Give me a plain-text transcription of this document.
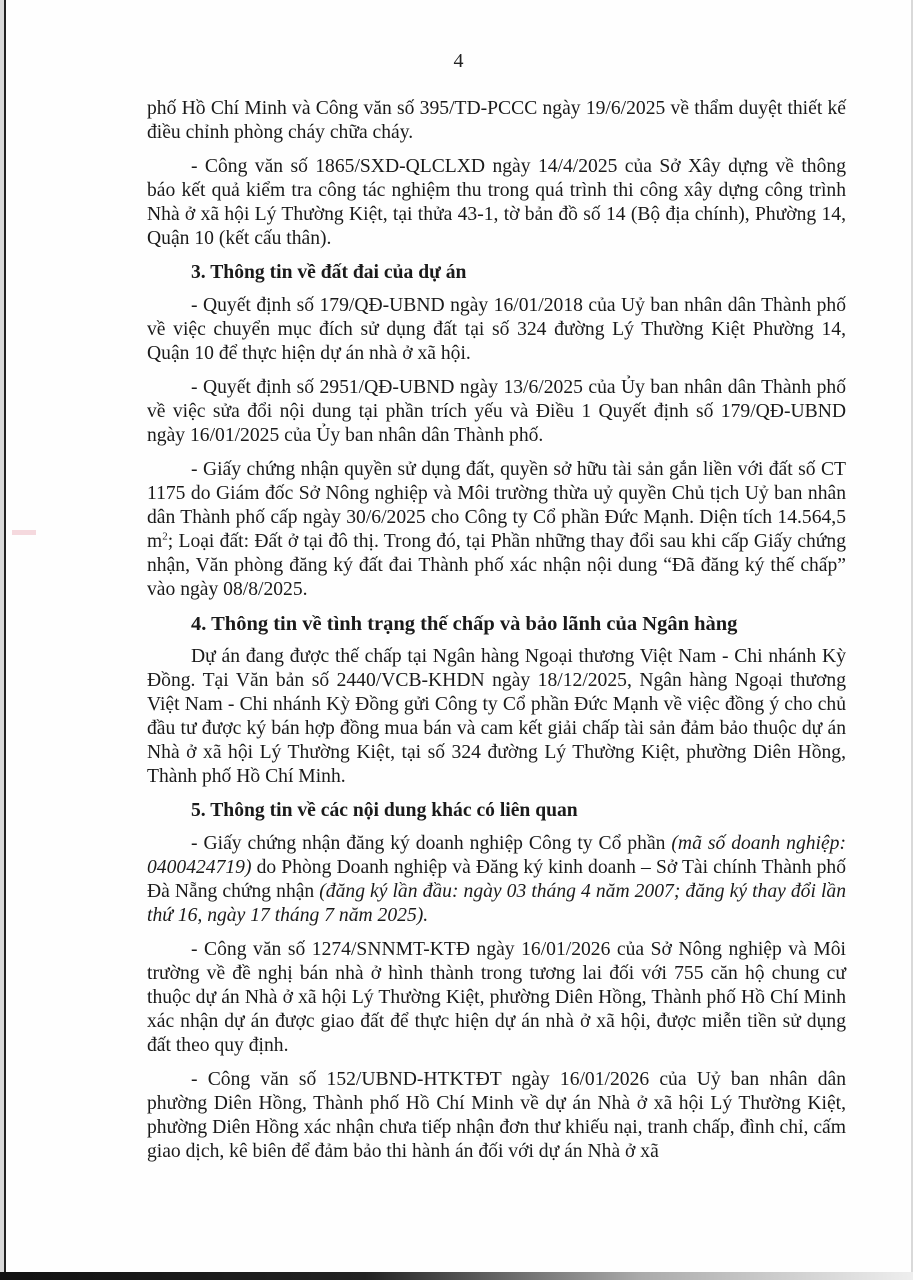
4

phố Hồ Chí Minh và Công văn số 395/TD-PCCC ngày 19/6/2025 về thẩm duyệt thiết kế điều chỉnh phòng cháy chữa cháy.

- Công văn số 1865/SXD-QLCLXD ngày 14/4/2025 của Sở Xây dựng về thông báo kết quả kiểm tra công tác nghiệm thu trong quá trình thi công xây dựng công trình Nhà ở xã hội Lý Thường Kiệt, tại thửa 43-1, tờ bản đồ số 14 (Bộ địa chính), Phường 14, Quận 10 (kết cấu thân).

3. Thông tin về đất đai của dự án

- Quyết định số 179/QĐ-UBND ngày 16/01/2018 của Uỷ ban nhân dân Thành phố về việc chuyển mục đích sử dụng đất tại số 324 đường Lý Thường Kiệt Phường 14, Quận 10 để thực hiện dự án nhà ở xã hội.

- Quyết định số 2951/QĐ-UBND ngày 13/6/2025 của Ủy ban nhân dân Thành phố về việc sửa đổi nội dung tại phần trích yếu và Điều 1 Quyết định số 179/QĐ-UBND ngày 16/01/2025 của Ủy ban nhân dân Thành phố.

- Giấy chứng nhận quyền sử dụng đất, quyền sở hữu tài sản gắn liền với đất số CT 1175 do Giám đốc Sở Nông nghiệp và Môi trường thừa uỷ quyền Chủ tịch Uỷ ban nhân dân Thành phố cấp ngày 30/6/2025 cho Công ty Cổ phần Đức Mạnh. Diện tích 14.564,5 $m^2$; Loại đất: Đất ở tại đô thị. Trong đó, tại Phần những thay đổi sau khi cấp Giấy chứng nhận, Văn phòng đăng ký đất đai Thành phố xác nhận nội dung “Đã đăng ký thế chấp” vào ngày 08/8/2025.

4. Thông tin về tình trạng thế chấp và bảo lãnh của Ngân hàng

Dự án đang được thế chấp tại Ngân hàng Ngoại thương Việt Nam - Chi nhánh Kỳ Đồng. Tại Văn bản số 2440/VCB-KHDN ngày 18/12/2025, Ngân hàng Ngoại thương Việt Nam - Chi nhánh Kỳ Đồng gửi Công ty Cổ phần Đức Mạnh về việc đồng ý cho chủ đầu tư được ký bán hợp đồng mua bán và cam kết giải chấp tài sản đảm bảo thuộc dự án Nhà ở xã hội Lý Thường Kiệt, tại số 324 đường Lý Thường Kiệt, phường Diên Hồng, Thành phố Hồ Chí Minh.

5. Thông tin về các nội dung khác có liên quan

- Giấy chứng nhận đăng ký doanh nghiệp Công ty Cổ phần (mã số doanh nghiệp: 0400424719) do Phòng Doanh nghiệp và Đăng ký kinh doanh – Sở Tài chính Thành phố Đà Nẵng chứng nhận (đăng ký lần đầu: ngày 03 tháng 4 năm 2007; đăng ký thay đổi lần thứ 16, ngày 17 tháng 7 năm 2025).

- Công văn số 1274/SNNMT-KTĐ ngày 16/01/2026 của Sở Nông nghiệp và Môi trường về đề nghị bán nhà ở hình thành trong tương lai đối với 755 căn hộ chung cư thuộc dự án Nhà ở xã hội Lý Thường Kiệt, phường Diên Hồng, Thành phố Hồ Chí Minh xác nhận dự án được giao đất để thực hiện dự án nhà ở xã hội, được miễn tiền sử dụng đất theo quy định.

- Công văn số 152/UBND-HTKTĐT ngày 16/01/2026 của Uỷ ban nhân dân phường Diên Hồng, Thành phố Hồ Chí Minh về dự án Nhà ở xã hội Lý Thường Kiệt, phường Diên Hồng xác nhận chưa tiếp nhận đơn thư khiếu nại, tranh chấp, đình chỉ, cấm giao dịch, kê biên để đảm bảo thi hành án đối với dự án Nhà ở xã
